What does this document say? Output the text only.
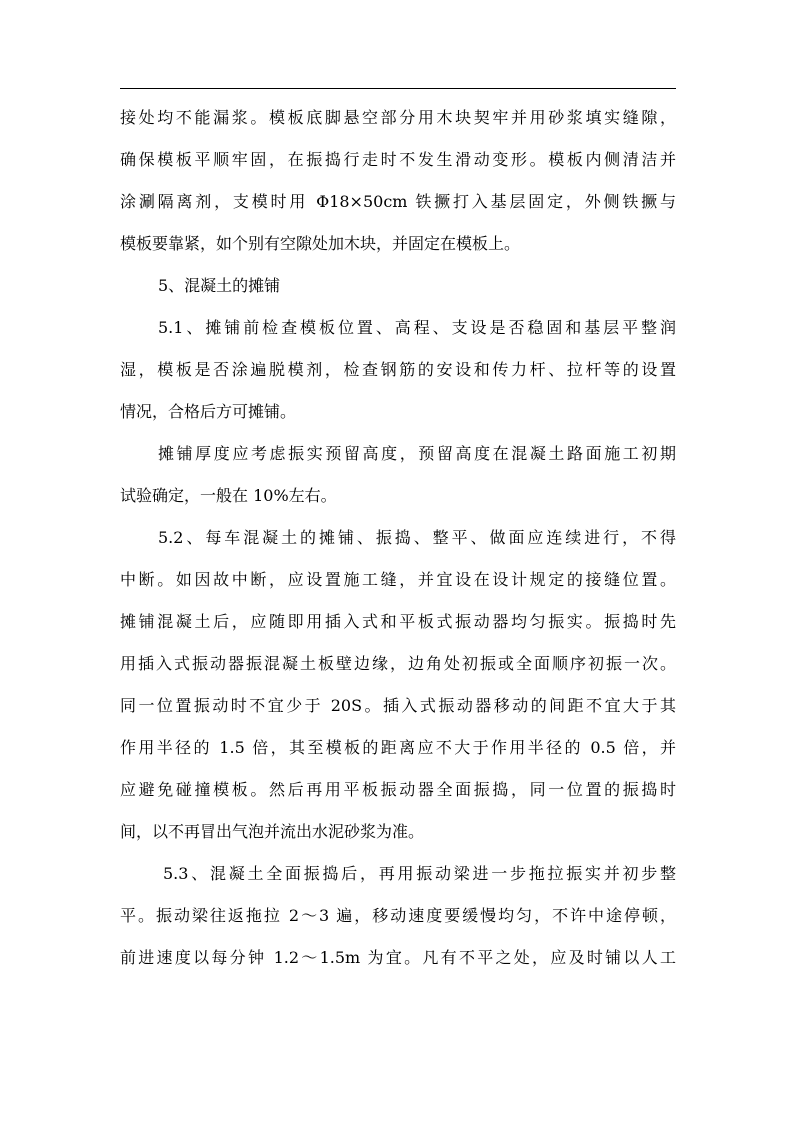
接处均不能漏浆。模板底脚悬空部分用木块契牢并用砂浆填实缝隙，
确保模板平顺牢固，在振捣行走时不发生滑动变形。模板内侧清洁并
涂涮隔离剂，支模时用 Φ18×50cm 铁撅打入基层固定，外侧铁撅与
模板要靠紧，如个别有空隙处加木块，并固定在模板上。
5、混凝土的摊铺
5.1、摊铺前检查模板位置、高程、支设是否稳固和基层平整润
湿，模板是否涂遍脱模剂，检查钢筋的安设和传力杆、拉杆等的设置
情况，合格后方可摊铺。
摊铺厚度应考虑振实预留高度，预留高度在混凝土路面施工初期
试验确定，一般在 10%左右。
5.2、每车混凝土的摊铺、振捣、整平、做面应连续进行，不得
中断。如因故中断，应设置施工缝，并宜设在设计规定的接缝位置。
摊铺混凝土后，应随即用插入式和平板式振动器均匀振实。振捣时先
用插入式振动器振混凝土板壁边缘，边角处初振或全面顺序初振一次。
同一位置振动时不宜少于 20S。插入式振动器移动的间距不宜大于其
作用半径的 1.5 倍，其至模板的距离应不大于作用半径的 0.5 倍，并
应避免碰撞模板。然后再用平板振动器全面振捣，同一位置的振捣时
间，以不再冒出气泡并流出水泥砂浆为准。
5.3、混凝土全面振捣后，再用振动梁进一步拖拉振实并初步整
平。振动梁往返拖拉 2～3 遍，移动速度要缓慢均匀，不许中途停顿，
前进速度以每分钟 1.2～1.5m 为宜。凡有不平之处，应及时铺以人工
